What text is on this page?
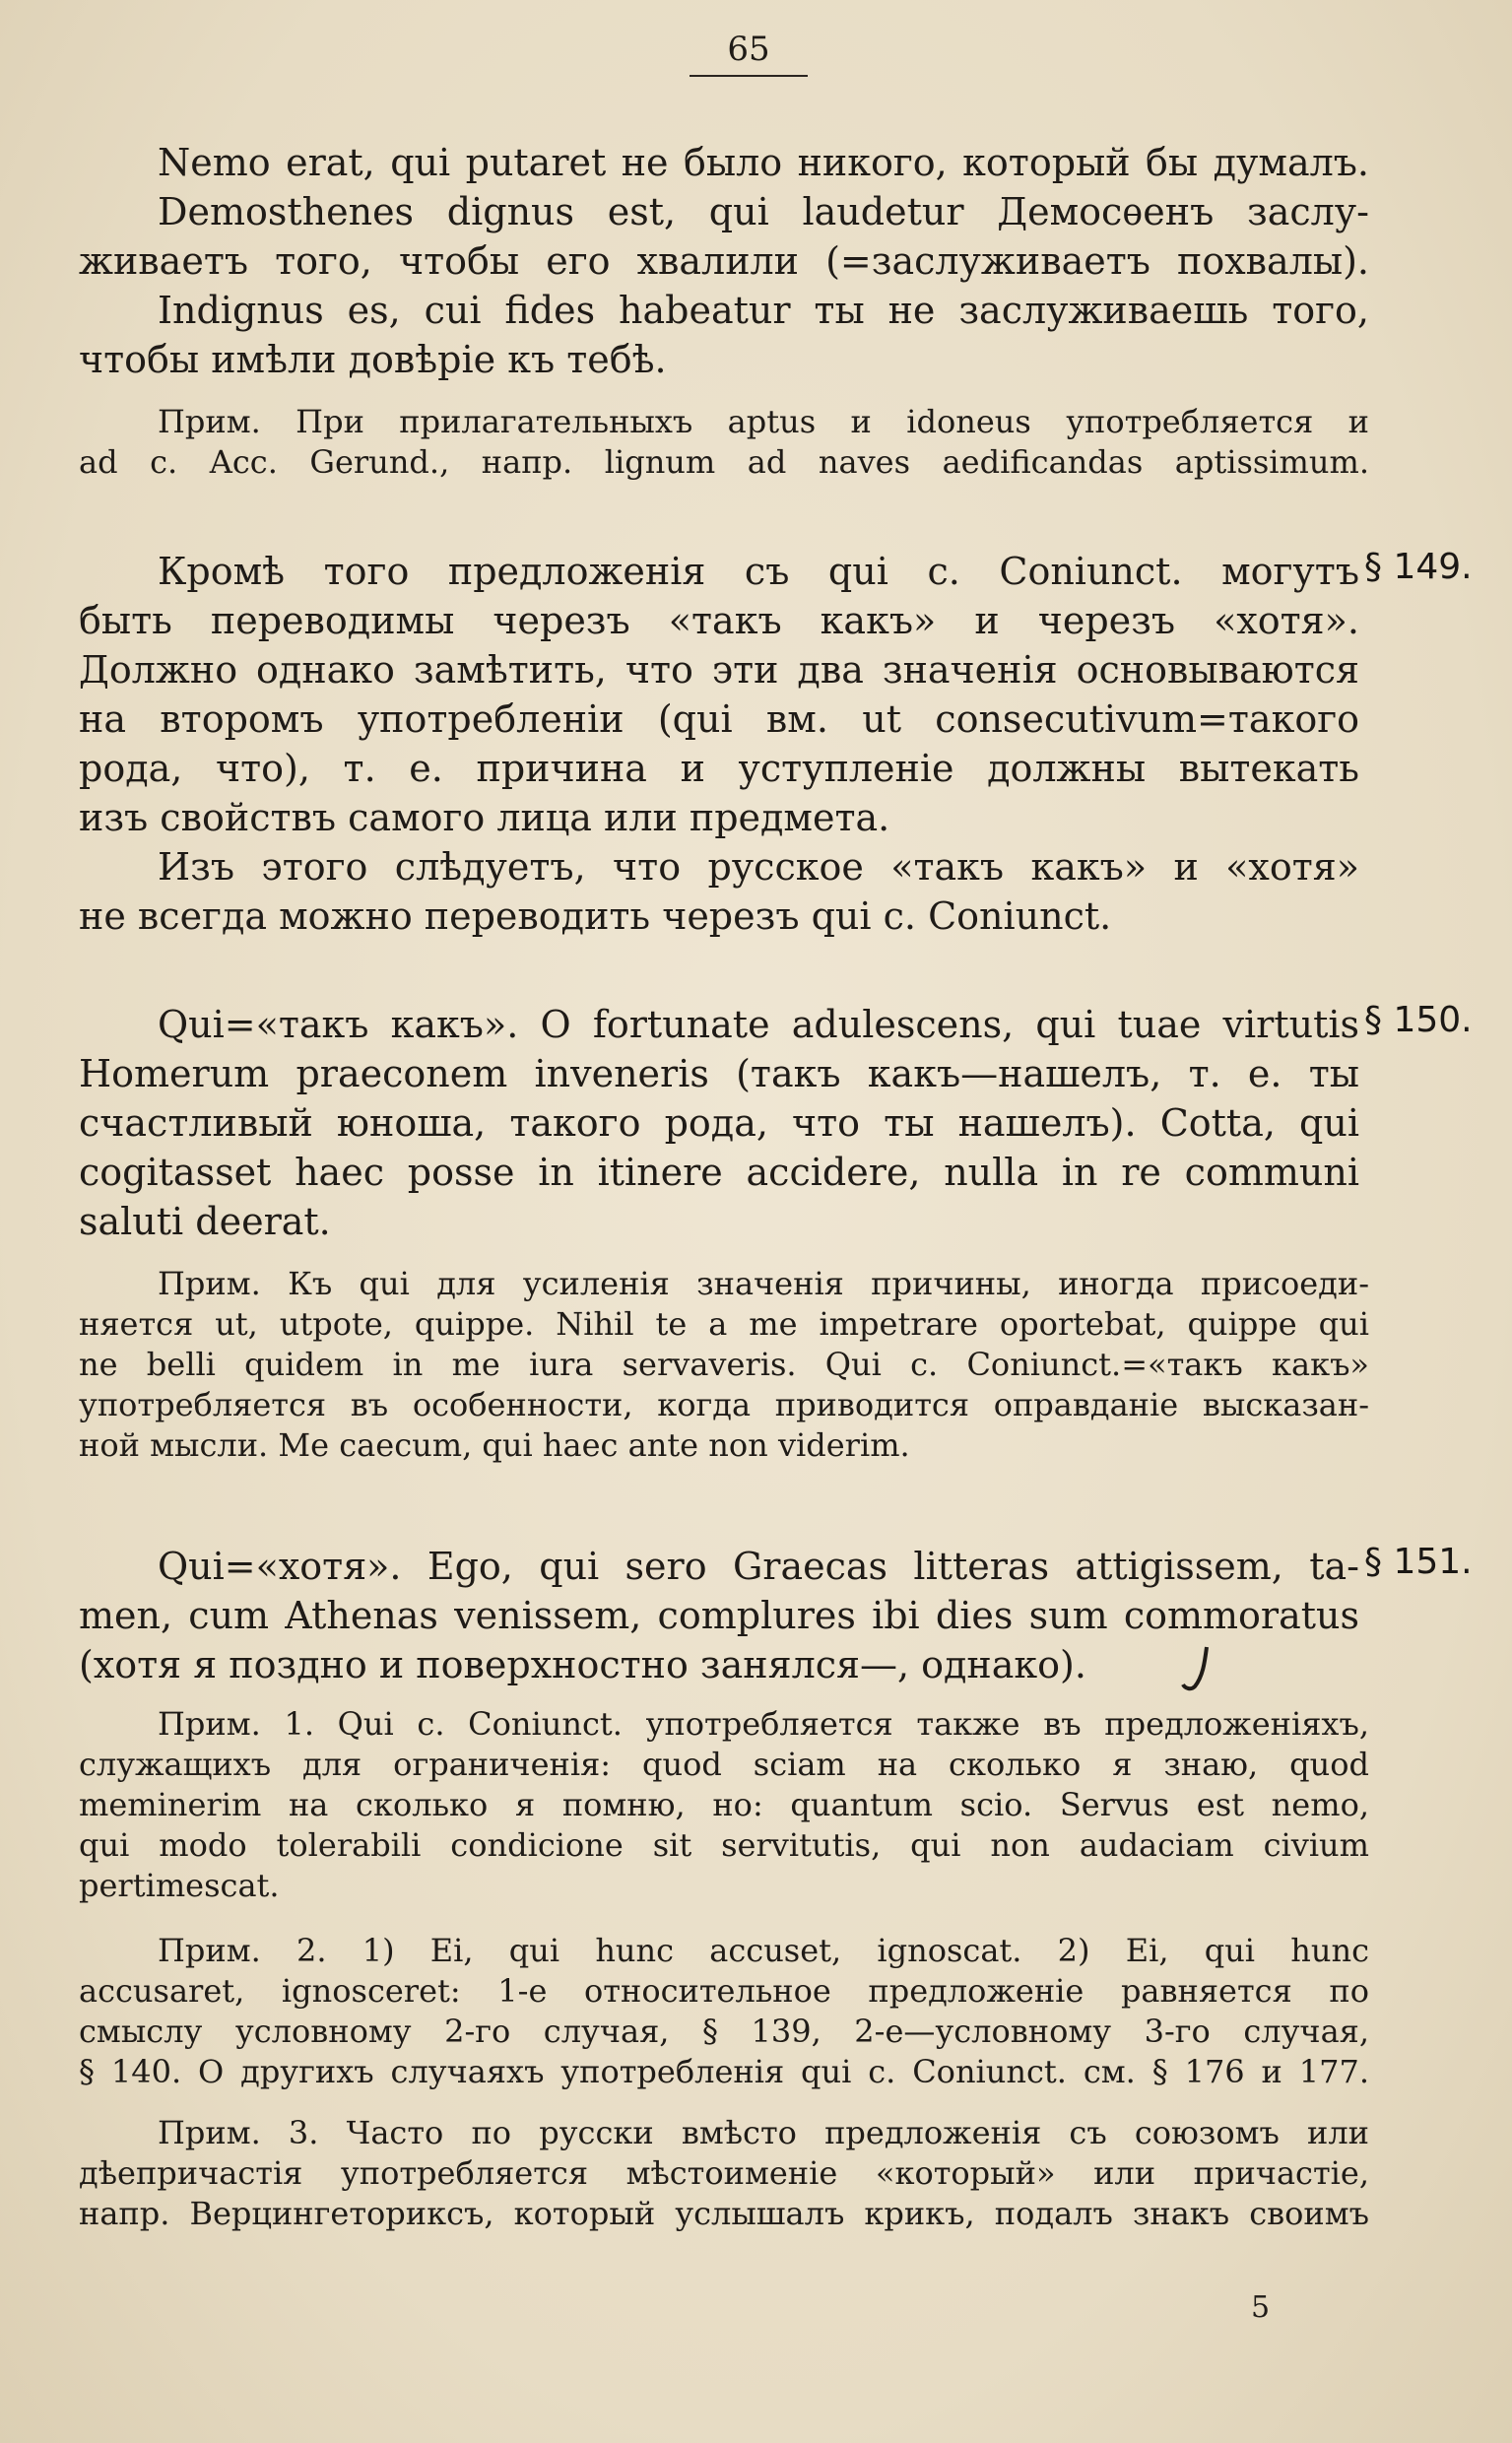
65
Nemo erat, qui putaret не было никого, который бы думалъ.
Demosthenes dignus est, qui laudetur Демосѳенъ заслу-
живаетъ того, чтобы его хвалили (=заслуживаетъ похвалы).
Indignus es, cui fides habeatur ты не заслуживаешь того,
чтобы имѣли довѣріе къ тебѣ.
Прим. При прилагательныхъ aptus и idoneus употребляется и
ad с. Acc. Gerund., напр. lignum ad naves aedificandas aptissimum.
§ 149.
Кромѣ того предложенія съ qui c. Coniunct. могутъ
быть переводимы черезъ «такъ какъ» и черезъ «хотя».
Должно однако замѣтить, что эти два значенія основываются
на второмъ употребленіи (qui вм. ut consecutivum=такого
рода, что), т. е. причина и уступленіе должны вытекать
изъ свойствъ самого лица или предмета.
Изъ этого слѣдуетъ, что русское «такъ какъ» и «хотя»
не всегда можно переводить черезъ qui c. Coniunct.
§ 150.
Qui=«такъ какъ». O fortunate adulescens, qui tuae virtutis
Homerum praeconem inveneris (такъ какъ—нашелъ, т. е. ты
счастливый юноша, такого рода, что ты нашелъ). Cotta, qui
cogitasset haec posse in itinere accidere, nulla in re communi
saluti deerat.
Прим. Къ qui для усиленія значенія причины, иногда присоеди-
няется ut, utpote, quippe. Nihil te a me impetrare oportebat, quippe qui
ne belli quidem in me iura servaveris. Qui c. Coniunct.=«такъ какъ»
употребляется въ особенности, когда приводится оправданіе высказан-
ной мысли. Me caecum, qui haec ante non viderim.
§ 151.
Qui=«хотя». Ego, qui sero Graecas litteras attigissem, ta-
men, cum Athenas venissem, complures ibi dies sum commoratus
(хотя я поздно и поверхностно занялся—, однако).
Прим. 1. Qui c. Coniunct. употребляется также въ предложеніяхъ,
служащихъ для ограниченія: quod sciam на сколько я знаю, quod
meminerim на сколько я помню, но: quantum scio. Servus est nemo,
qui modo tolerabili condicione sit servitutis, qui non audaciam civium
pertimescat.
Прим. 2. 1) Ei, qui hunc accuset, ignoscat. 2) Ei, qui hunc
accusaret, ignosceret: 1-е относительное предложеніе равняется по
смыслу условному 2-го случая, § 139, 2-е—условному 3-го случая,
§ 140. О другихъ случаяхъ употребленія qui c. Coniunct. см. § 176 и 177.
Прим. 3. Часто по русски вмѣсто предложенія съ союзомъ или
дѣепричастія употребляется мѣстоименіе «который» или причастіе,
напр. Верцингеториксъ, который услышалъ крикъ, подалъ знакъ своимъ
5
